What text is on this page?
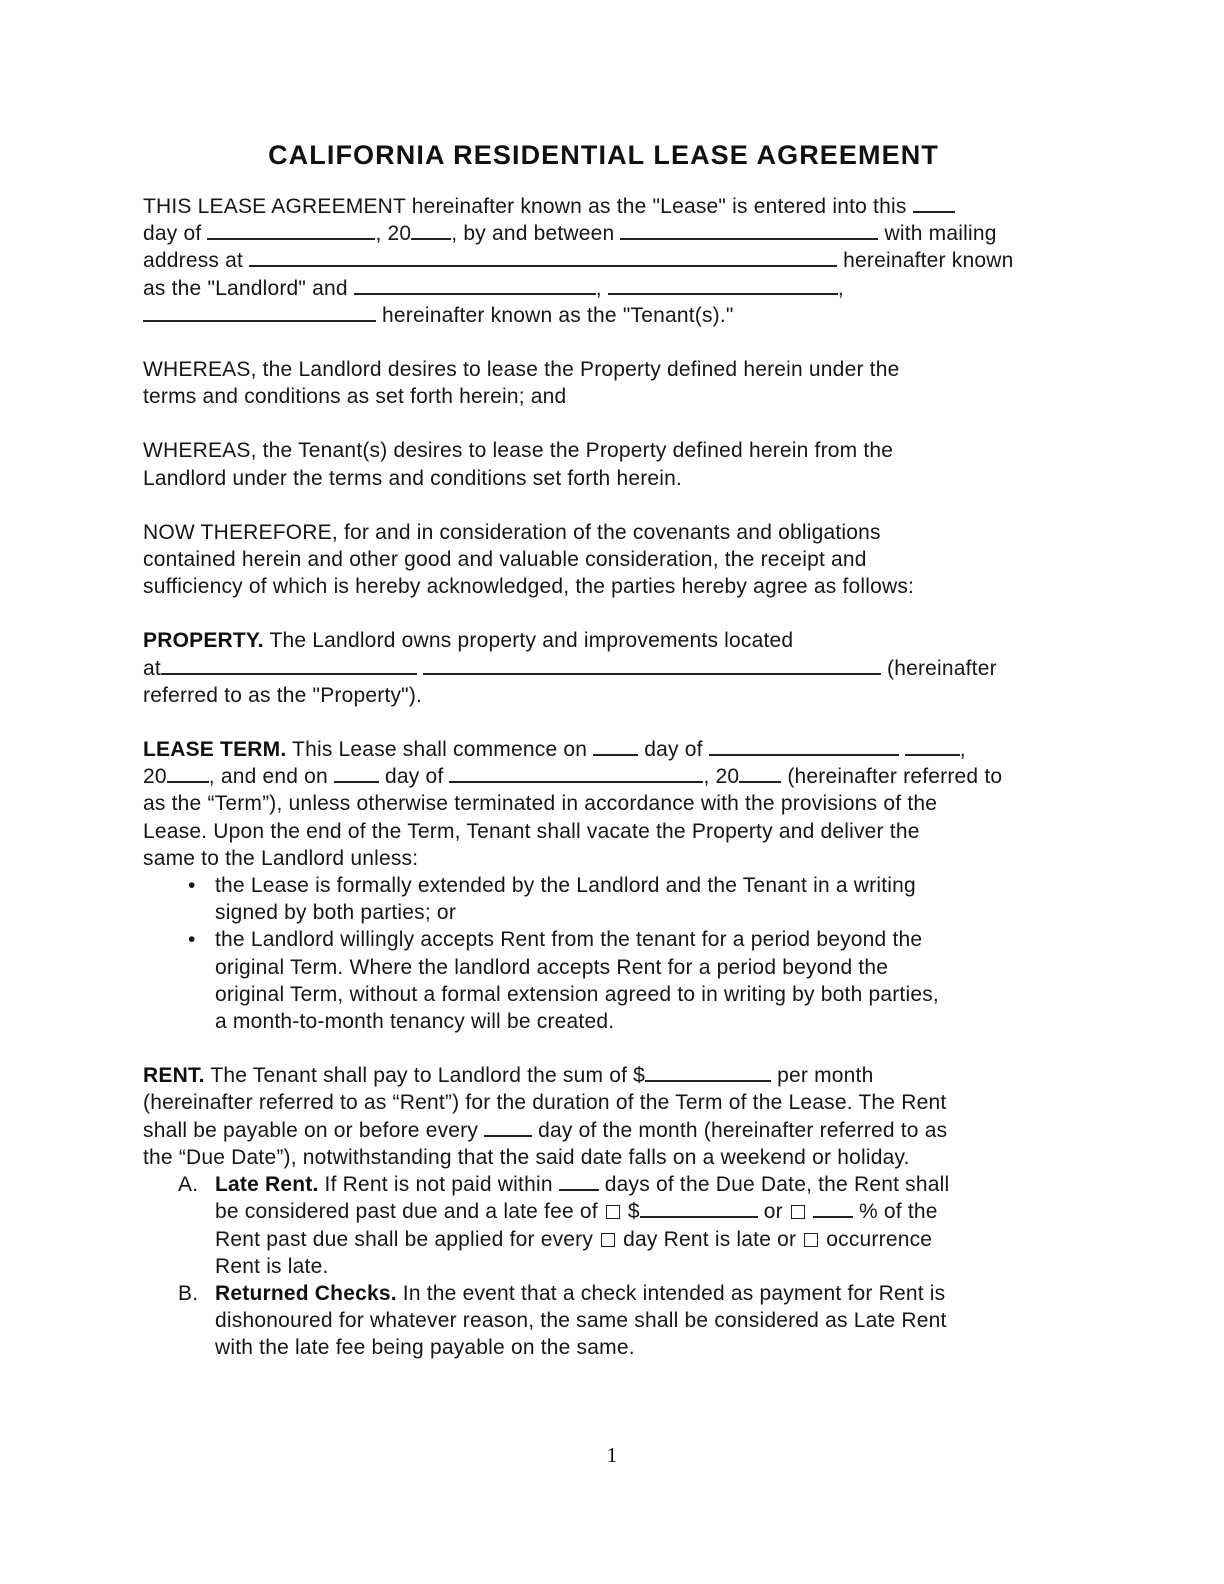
CALIFORNIA RESIDENTIAL LEASE AGREEMENT

THIS LEASE AGREEMENT hereinafter known as the "Lease" is entered into this
day of	, 20 , by and between	with mailing
address at	hereinafter known
as the "Landlord" and	,	,
hereinafter known as the "Tenant(s)."

WHEREAS, the Landlord desires to lease the Property defined herein under the
terms and conditions as set forth herein; and

WHEREAS, the Tenant(s) desires to lease the Property defined herein from the
Landlord under the terms and conditions set forth herein.

NOW THEREFORE, for and in consideration of the covenants and obligations
contained herein and other good and valuable consideration, the receipt and
sufficiency of which is hereby acknowledged, the parties hereby agree as follows:

PROPERTY. The Landlord owns property and improvements located
at	(hereinafter
referred to as the "Property").

LEASE TERM. This Lease shall commence on  day of	,
20 , and end on  day of	, 20 (hereinafter referred to
as the “Term”), unless otherwise terminated in accordance with the provisions of the
Lease. Upon the end of the Term, Tenant shall vacate the Property and deliver the
same to the Landlord unless:

• the Lease is formally extended by the Landlord and the Tenant in a writing
signed by both parties; or
• the Landlord willingly accepts Rent from the tenant for a period beyond the
original Term. Where the landlord accepts Rent for a period beyond the
original Term, without a formal extension agreed to in writing by both parties,
a month-to-month tenancy will be created.

RENT. The Tenant shall pay to Landlord the sum of $	per month
(hereinafter referred to as “Rent”) for the duration of the Term of the Lease. The Rent
shall be payable on or before every  day of the month (hereinafter referred to as
the “Due Date”), notwithstanding that the said date falls on a weekend or holiday.

A. Late Rent. If Rent is not paid within  days of the Due Date, the Rent shall
be considered past due and a late fee of  $	or	% of the
Rent past due shall be applied for every  day Rent is late or  occurrence
Rent is late.
B. Returned Checks. In the event that a check intended as payment for Rent is
dishonoured for whatever reason, the same shall be considered as Late Rent
with the late fee being payable on the same.
1
